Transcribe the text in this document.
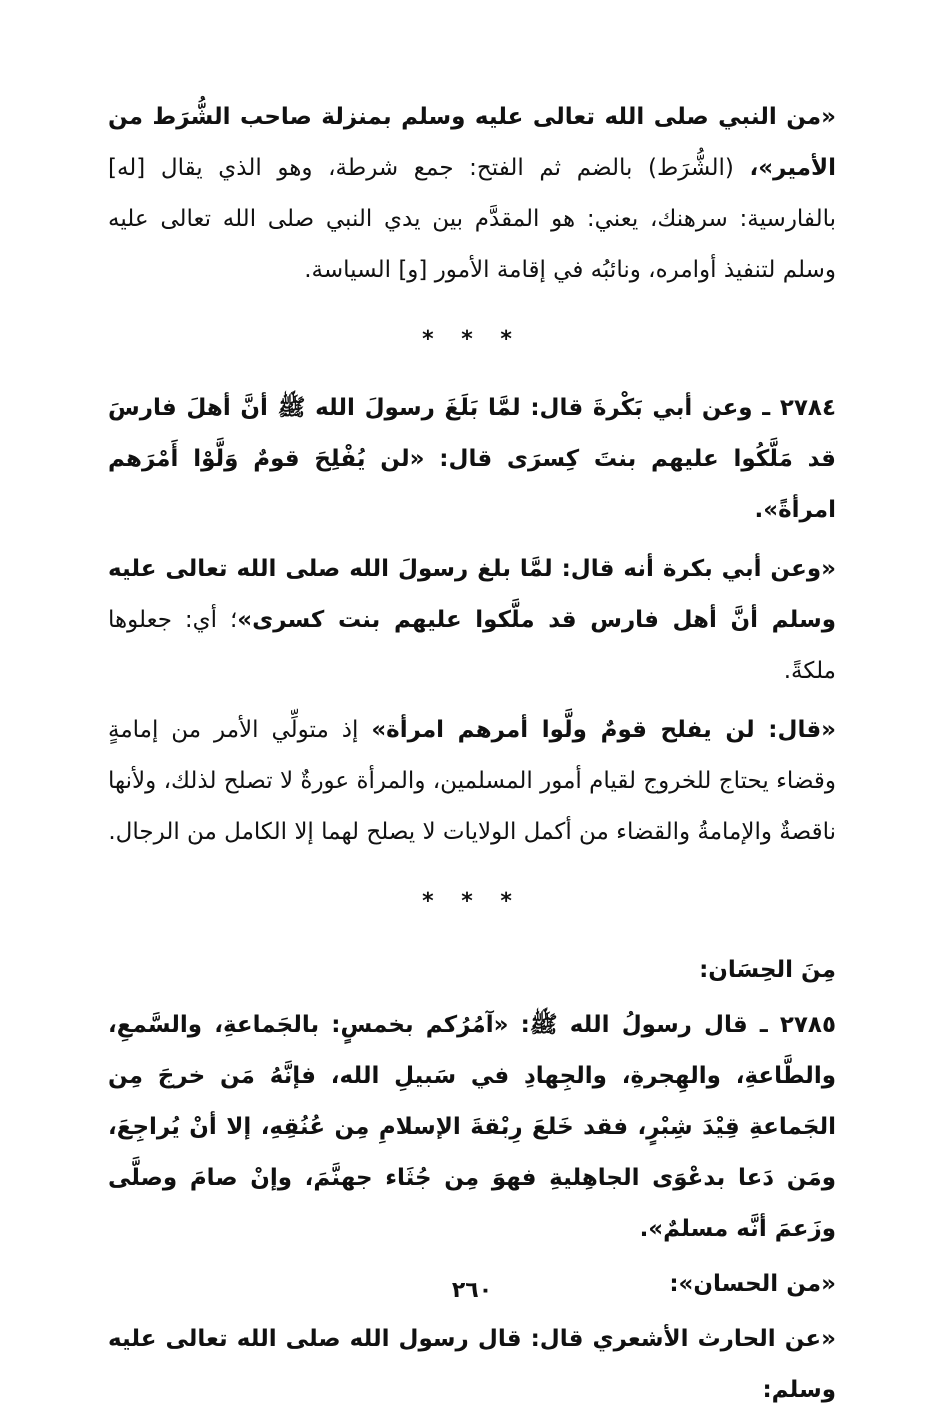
«من النبي صلى الله تعالى عليه وسلم بمنزلة صاحب الشُّرَط من الأمير»، (الشُّرَط) بالضم ثم الفتح: جمع شرطة، وهو الذي يقال [له] بالفارسية: سرهنك، يعني: هو المقدَّم بين يدي النبي صلى الله تعالى عليه وسلم لتنفيذ أوامره، ونائبُه في إقامة الأمور [و] السياسة.

* * *

٢٧٨٤ ـ وعن أبي بَكْرةَ قال: لمَّا بَلَغَ رسولَ الله ﷺ أنَّ أهلَ فارسَ قد مَلَّكُوا عليهم بنتَ كِسرَى قال: «لن يُفْلِحَ قومٌ وَلَّوْا أَمْرَهم امرأةً».

«وعن أبي بكرة أنه قال: لمَّا بلغ رسولَ الله صلى الله تعالى عليه وسلم أنَّ أهل فارس قد ملَّكوا عليهم بنت كسرى»؛ أي: جعلوها ملكةً.

«قال: لن يفلح قومٌ ولَّوا أمرهم امرأة» إذ متولِّي الأمر من إمامةٍ وقضاء يحتاج للخروج لقيام أمور المسلمين، والمرأة عورةٌ لا تصلح لذلك، ولأنها ناقصةٌ والإمامةُ والقضاء من أكمل الولايات لا يصلح لهما إلا الكامل من الرجال.

* * *

مِنَ الحِسَان:

٢٧٨٥ ـ قال رسولُ الله ﷺ: «آمُرُكم بخمسٍ: بالجَماعةِ، والسَّمعِ، والطَّاعةِ، والهِجرةِ، والجِهادِ في سَبيلِ الله، فإنَّهُ مَن خرجَ مِن الجَماعةِ قِيْدَ شِبْرٍ، فقد خَلعَ رِبْقةَ الإسلامِ مِن عُنُقِهِ، إلا أنْ يُراجِعَ، ومَن دَعا بدعْوَى الجاهِليةِ فهوَ مِن جُثَاء جهنَّمَ، وإنْ صامَ وصلَّى وزَعمَ أنَّه مسلمٌ».

«من الحسان»:

«عن الحارث الأشعري قال: قال رسول الله صلى الله تعالى عليه وسلم:

٢٦٠
